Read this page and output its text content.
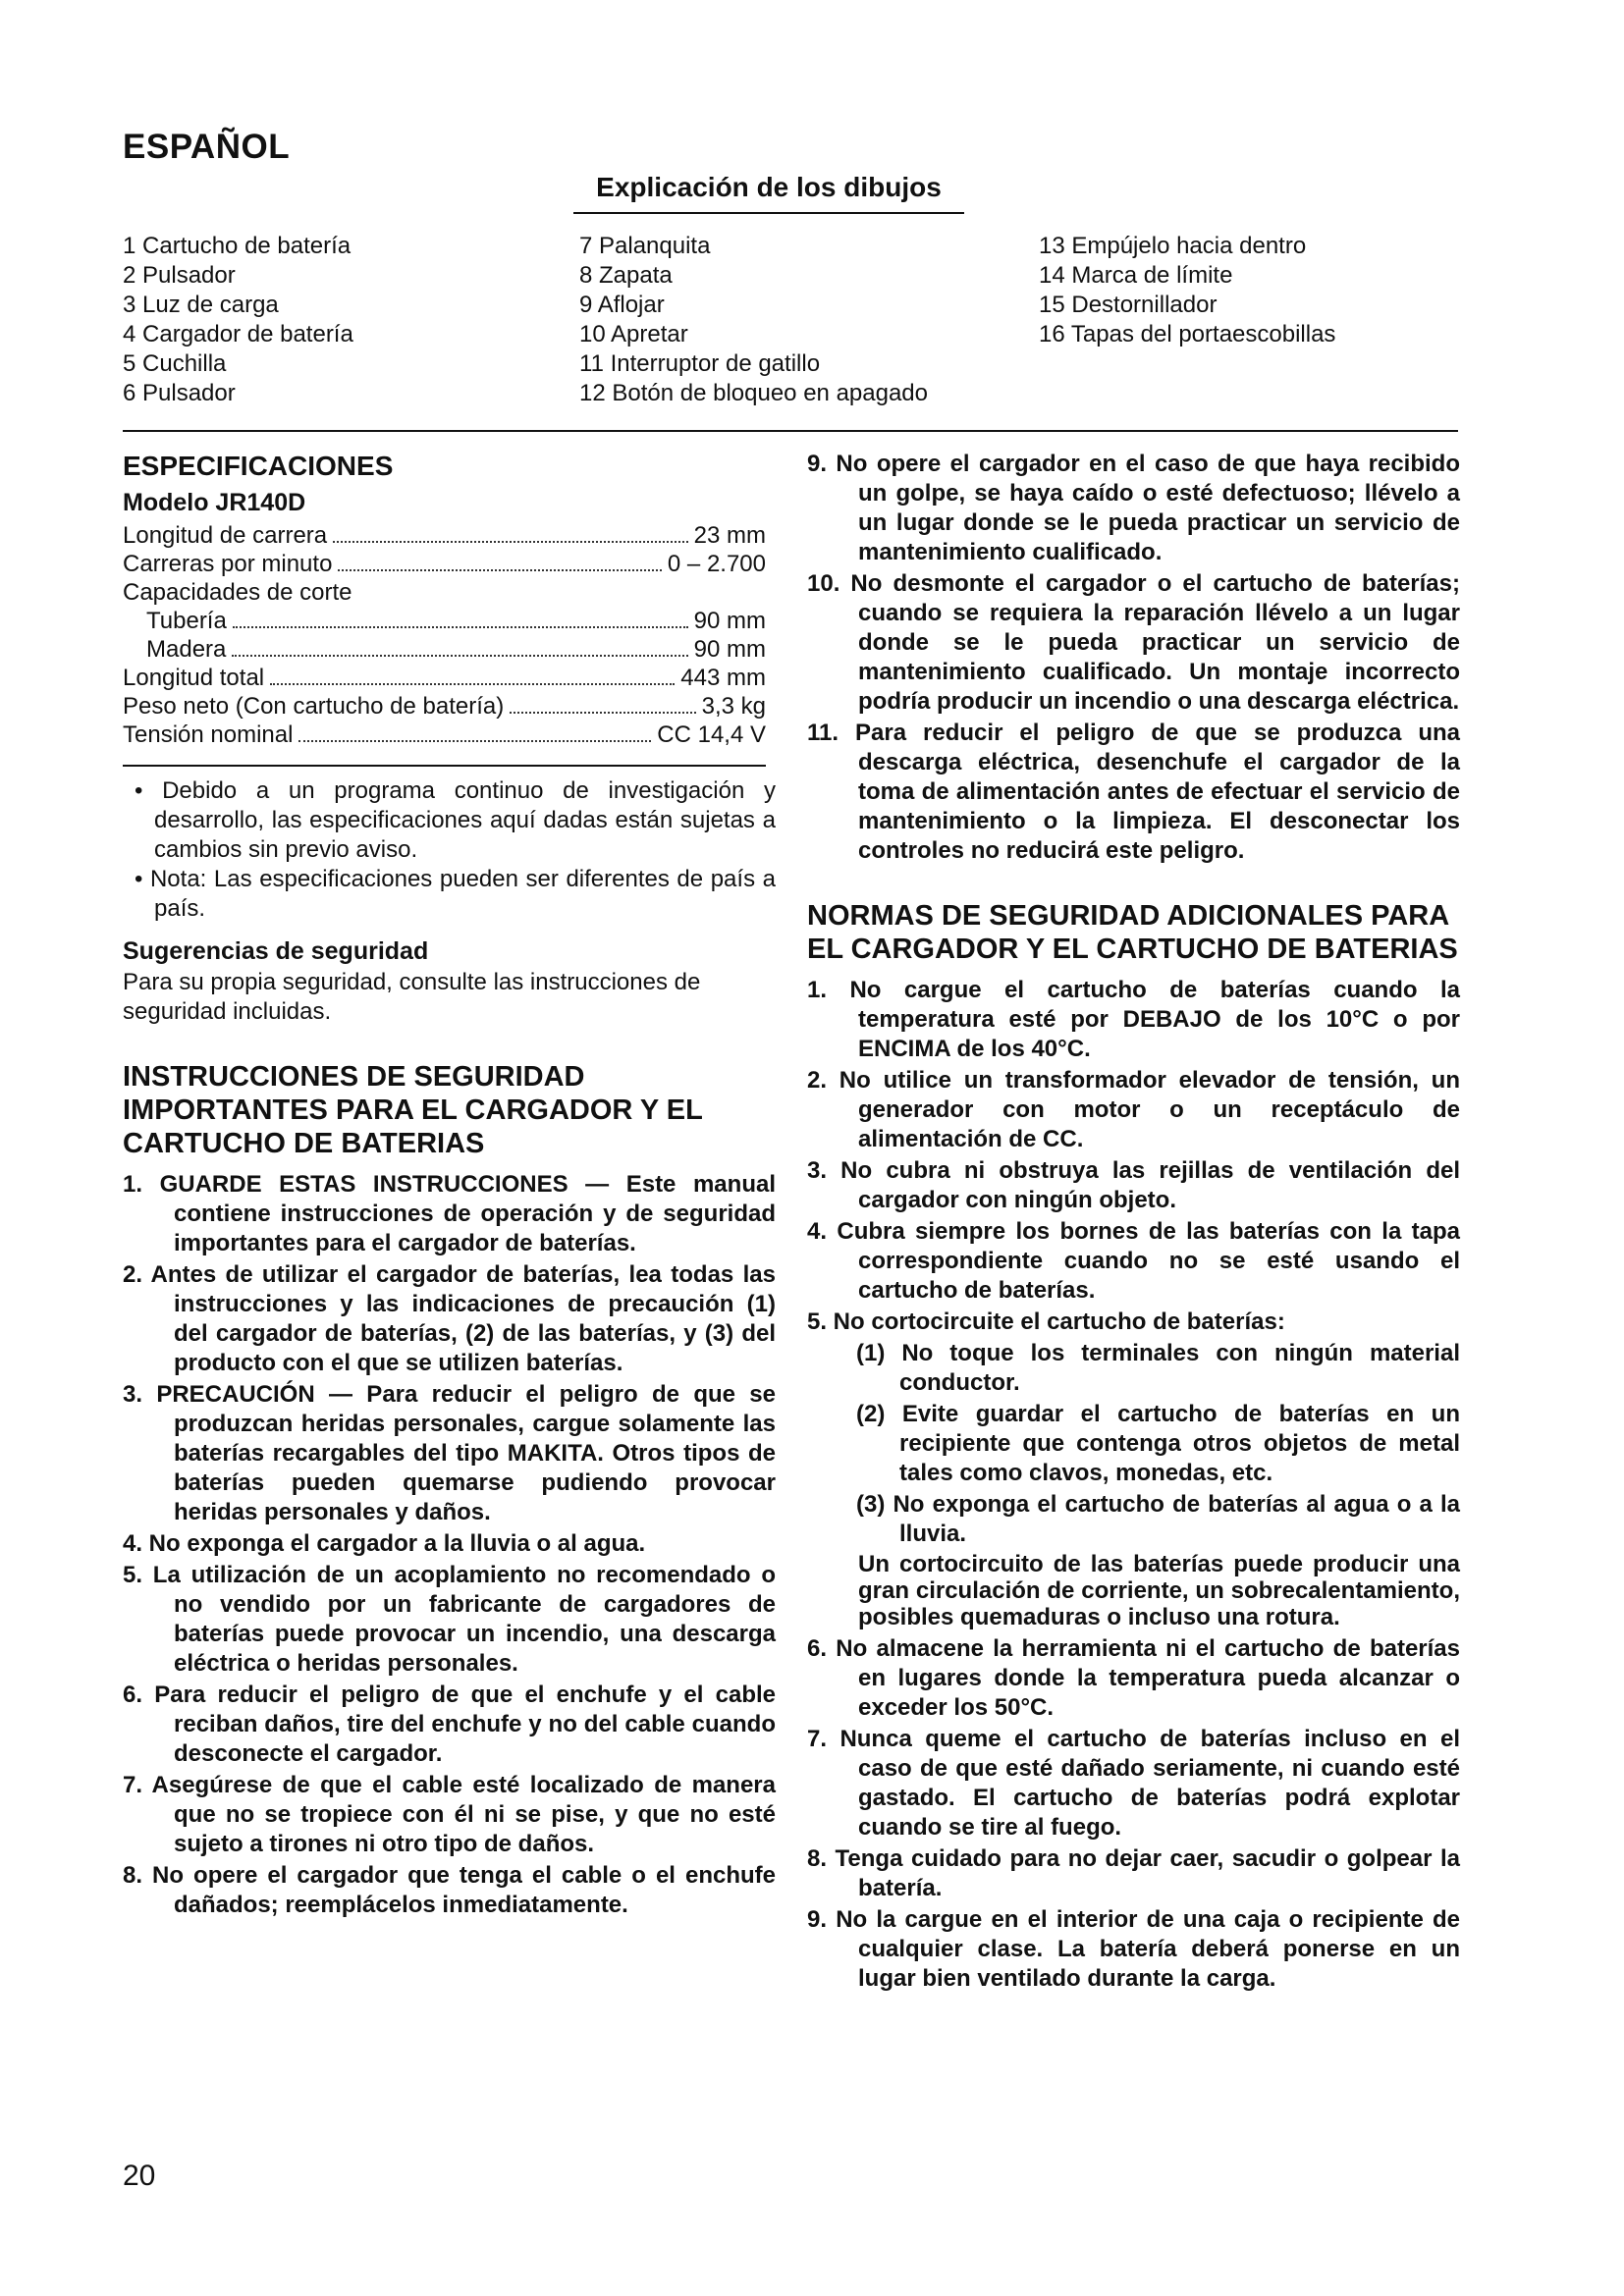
ESPAÑOL
Explicación de los dibujos
1 Cartucho de batería
2 Pulsador
3 Luz de carga
4 Cargador de batería
5 Cuchilla
6 Pulsador
7 Palanquita
8 Zapata
9 Aflojar
10 Apretar
11 Interruptor de gatillo
12 Botón de bloqueo en apagado
13 Empújelo hacia dentro
14 Marca de límite
15 Destornillador
16 Tapas del portaescobillas
ESPECIFICACIONES
Modelo JR140D
Longitud de carrera	23 mm
Carreras por minuto	0 – 2.700
Capacidades de corte
Tubería	90 mm
Madera	90 mm
Longitud total	443 mm
Peso neto (Con cartucho de batería)	3,3 kg
Tensión nominal	CC 14,4 V

• Debido a un programa continuo de investigación y desarrollo, las especificaciones aquí dadas están sujetas a cambios sin previo aviso.

• Nota: Las especificaciones pueden ser diferentes de país a país.

Sugerencias de seguridad

Para su propia seguridad, consulte las instrucciones de seguridad incluidas.

INSTRUCCIONES DE SEGURIDAD IMPORTANTES PARA EL CARGADOR Y EL CARTUCHO DE BATERIAS
1. GUARDE ESTAS INSTRUCCIONES — Este manual contiene instrucciones de operación y de seguridad importantes para el cargador de baterías.
2. Antes de utilizar el cargador de baterías, lea todas las instrucciones y las indicaciones de precaución (1) del cargador de baterías, (2) de las baterías, y (3) del producto con el que se utilizen baterías.
3. PRECAUCIÓN — Para reducir el peligro de que se produzcan heridas personales, cargue solamente las baterías recargables del tipo MAKITA. Otros tipos de baterías pueden quemarse pudiendo provocar heridas personales y daños.
4. No exponga el cargador a la lluvia o al agua.
5. La utilización de un acoplamiento no recomendado o no vendido por un fabricante de cargadores de baterías puede provocar un incendio, una descarga eléctrica o heridas personales.
6. Para reducir el peligro de que el enchufe y el cable reciban daños, tire del enchufe y no del cable cuando desconecte el cargador.
7. Asegúrese de que el cable esté localizado de manera que no se tropiece con él ni se pise, y que no esté sujeto a tirones ni otro tipo de daños.
8. No opere el cargador que tenga el cable o el enchufe dañados; reemplácelos inmediatamente.
9. No opere el cargador en el caso de que haya recibido un golpe, se haya caído o esté defectuoso; llévelo a un lugar donde se le pueda practicar un servicio de mantenimiento cualificado.
10. No desmonte el cargador o el cartucho de baterías; cuando se requiera la reparación llévelo a un lugar donde se le pueda practicar un servicio de mantenimiento cualificado. Un montaje incorrecto podría producir un incendio o una descarga eléctrica.
11. Para reducir el peligro de que se produzca una descarga eléctrica, desenchufe el cargador de la toma de alimentación antes de efectuar el servicio de mantenimiento o la limpieza. El desconectar los controles no reducirá este peligro.
NORMAS DE SEGURIDAD ADICIONALES PARA EL CARGADOR Y EL CARTUCHO DE BATERIAS
1. No cargue el cartucho de baterías cuando la temperatura esté por DEBAJO de los 10°C o por ENCIMA de los 40°C.
2. No utilice un transformador elevador de tensión, un generador con motor o un receptáculo de alimentación de CC.
3. No cubra ni obstruya las rejillas de ventilación del cargador con ningún objeto.
4. Cubra siempre los bornes de las baterías con la tapa correspondiente cuando no se esté usando el cartucho de baterías.
5. No cortocircuite el cartucho de baterías:
(1) No toque los terminales con ningún material conductor.
(2) Evite guardar el cartucho de baterías en un recipiente que contenga otros objetos de metal tales como clavos, monedas, etc.
(3) No exponga el cartucho de baterías al agua o a la lluvia.
Un cortocircuito de las baterías puede producir una gran circulación de corriente, un sobrecalentamiento, posibles quemaduras o incluso una rotura.
6. No almacene la herramienta ni el cartucho de baterías en lugares donde la temperatura pueda alcanzar o exceder los 50°C.
7. Nunca queme el cartucho de baterías incluso en el caso de que esté dañado seriamente, ni cuando esté gastado. El cartucho de baterías podrá explotar cuando se tire al fuego.
8. Tenga cuidado para no dejar caer, sacudir o golpear la batería.
9. No la cargue en el interior de una caja o recipiente de cualquier clase. La batería deberá ponerse en un lugar bien ventilado durante la carga.
20
